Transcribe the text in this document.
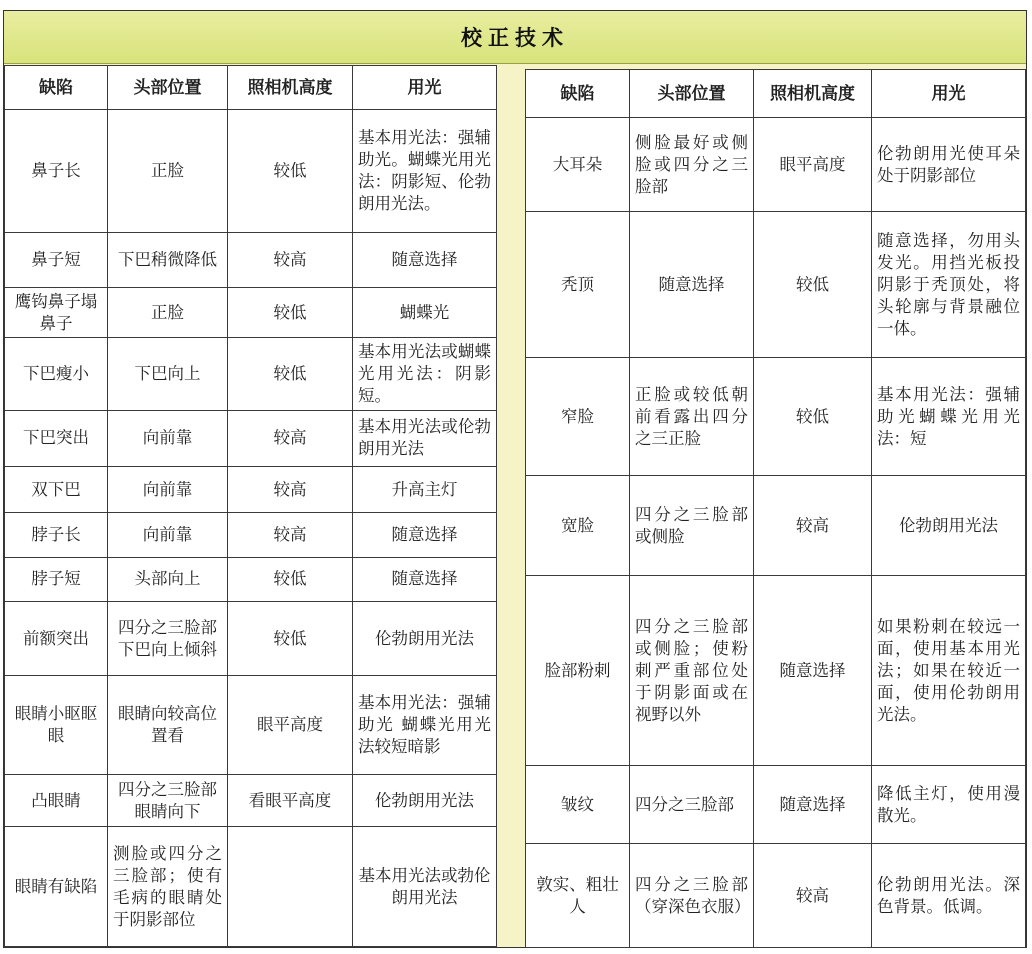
校正技术
缺陷	头部位置	照相机高度	用光
鼻子长	正脸	较低	基本用光法：强辅助光。蝴蝶光用光法：阴影短、伦勃朗用光法。
鼻子短	下巴稍微降低	较高	随意选择
鹰钩鼻子塌鼻子	正脸	较低	蝴蝶光
下巴瘦小	下巴向上	较低	基本用光法或蝴蝶光用光法：阴影短。
下巴突出	向前靠	较高	基本用光法或伦勃朗用光法
双下巴	向前靠	较高	升高主灯
脖子长	向前靠	较高	随意选择
脖子短	头部向上	较低	随意选择
前额突出	四分之三脸部下巴向上倾斜	较低	伦勃朗用光法
眼睛小眍眍眼	眼睛向较高位置看	眼平高度	基本用光法：强辅助光 蝴蝶光用光法较短暗影
凸眼睛	四分之三脸部眼睛向下	看眼平高度	伦勃朗用光法
眼睛有缺陷	测脸或四分之三脸部；使有毛病的眼睛处于阴影部位		基本用光法或勃伦朗用光法
缺陷	头部位置	照相机高度	用光
大耳朵	侧脸最好或侧脸或四分之三脸部	眼平高度	伦勃朗用光使耳朵处于阴影部位
秃顶	随意选择	较低	随意选择，勿用头发光。用挡光板投阴影于秃顶处，将头轮廓与背景融位一体。
窄脸	正脸或较低朝前看露出四分之三正脸	较低	基本用光法：强辅助光蝴蝶光用光法：短
宽脸	四分之三脸部或侧脸	较高	伦勃朗用光法
脸部粉刺	四分之三脸部或侧脸；使粉刺严重部位处于阴影面或在视野以外	随意选择	如果粉刺在较远一面，使用基本用光法；如果在较近一面，使用伦勃朗用光法。
皱纹	四分之三脸部	随意选择	降低主灯，使用漫散光。
敦实、粗壮人	四分之三脸部（穿深色衣服）	较高	伦勃朗用光法。深色背景。低调。
